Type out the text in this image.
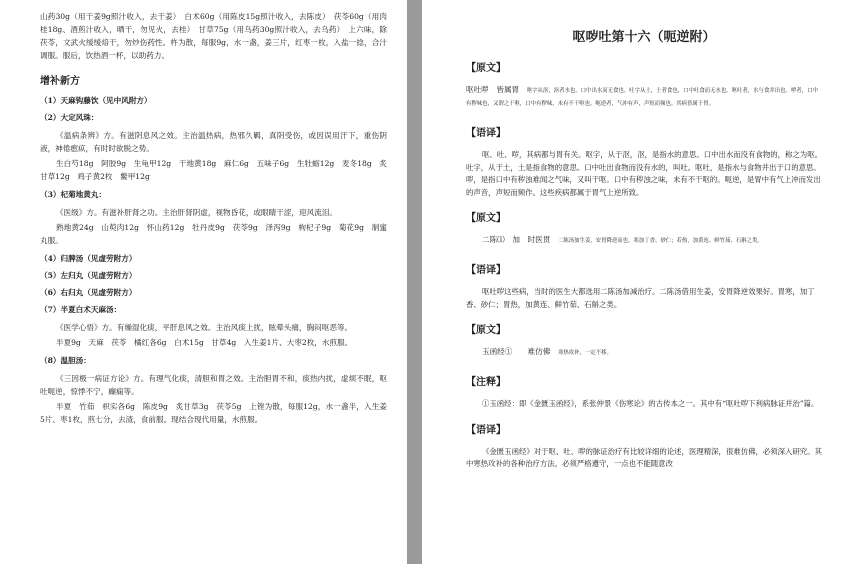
山药30g（用干姜9g照汁收入，去干姜）　白术60g（用陈皮15g照汁收入，去陈皮）　茯苓60g（用肉桂18g、酒煎汁收入，晒干，勿见火，去桂）　甘草75g（用乌药30g照汁收入，去乌药）　上六味，除茯苓，文武火缓缓焙干，勿炒伤药性。杵为散，每服9g，水一盏，姜三片，红枣一枚，入盐一捻，合汁调服。服后，饮热酒一杯，以助药力。

增补新方
（1）天麻钩藤饮（见中风附方）
（2）大定风珠：

《温病条辨》方。有滋阴息风之效。主治温热病，热邪久羁，真阴受伤，或因误用汗下，重伤阴液，神倦瘛疭，有时时欲脱之势。

生白芍18g　阿胶9g　生龟甲12g　干地黄18g　麻仁6g　五味子6g　生牡蛎12g　麦冬18g　炙甘草12g　鸡子黄2枚　鳖甲12g

（3）杞菊地黄丸：

《医级》方。有滋补肝肾之功。主治肝肾阴虚，视物昏花，或眼睛干涩，迎风流泪。

熟地黄24g　山萸肉12g　怀山药12g　牡丹皮9g　茯苓9g　泽泻9g　枸杞子9g　菊花9g　制蜜丸服。

（4）归脾汤（见虚劳附方）
（5）左归丸（见虚劳附方）
（6）右归丸（见虚劳附方）
（7）半夏白术天麻汤：

《医学心悟》方。有燥湿化痰，平肝息风之效。主治风痰上扰，眩晕头痛，胸闷呕恶等。

半夏9g　天麻　茯苓　橘红各6g　白术15g　甘草4g　入生姜1片、大枣2枚，水煎服。

（8）温胆汤：

《三因极一病证方论》方。有理气化痰，清胆和胃之效。主治胆胃不和，痰热内扰，虚烦不眠，呕吐呃逆，惊悸不宁，癫痫等。

半夏　竹茹　枳实各6g　陈皮9g　炙甘草3g　茯苓5g　上锉为散，每服12g，水一盏半，入生姜5片、枣1枚，煎七分，去渣，食前服。现结合现代用量，水煎服。

呕哕吐第十六（呃逆附）
【原文】

呕吐哕　皆属胃　 呕字从沤，沤者水也，口中出水而无食也。吐字从土，土者食也，口中吐食而无水也。呕吐者，水与食并出也。哕者，口中有秽味也，又谓之干呕，口中有秽味，未有不干呕也。呃逆者，气冲有声，声短而频也。其病皆属于胃。

【语译】

呕、吐、哕，其病都与胃有关。呕字，从于沤，沤，是指水的意思。口中出水而没有食物的，称之为呕。吐字，从于土，土是指食物的意思。口中吐出食物而没有水的，叫吐。呕吐，是指水与食物并出于口的意思。哕，是指口中有秽浊难闻之气味，又叫干呕。口中有秽浊之味，未有不干呕的。呃逆，是胃中有气上冲而发出的声音，声短而频作。这些疾病都属于胃气上逆所致。

【原文】

二陈⑴　加　时医贯　 二陈汤加生姜，安胃降逆而也。寒加丁香、砂仁；若热，加黄连、鲜竹茹、石斛之类。

【语译】

呕吐哕这些病，当时的医生大都选用二陈汤加减治疗。二陈汤借用生姜，安胃降逆效果好。胃寒，加丁香、砂仁；胃热，加黄连、鲜竹茹、石斛之类。

【原文】

玉函经①　　难仿佛　 寒热攻补，一定不移。

【注释】

①玉函经：即《金匮玉函经》，系张仲景《伤寒论》的古传本之一。其中有“呕吐哕下利病脉证并治”篇。

【语译】

《金匮玉函经》对于呕、吐、哕的脉证治疗有比较详细的论述，医理精深，很难仿佛，必须深入研究。其中寒热攻补的各种治疗方法，必须严格遵守，一点也不能随意改
